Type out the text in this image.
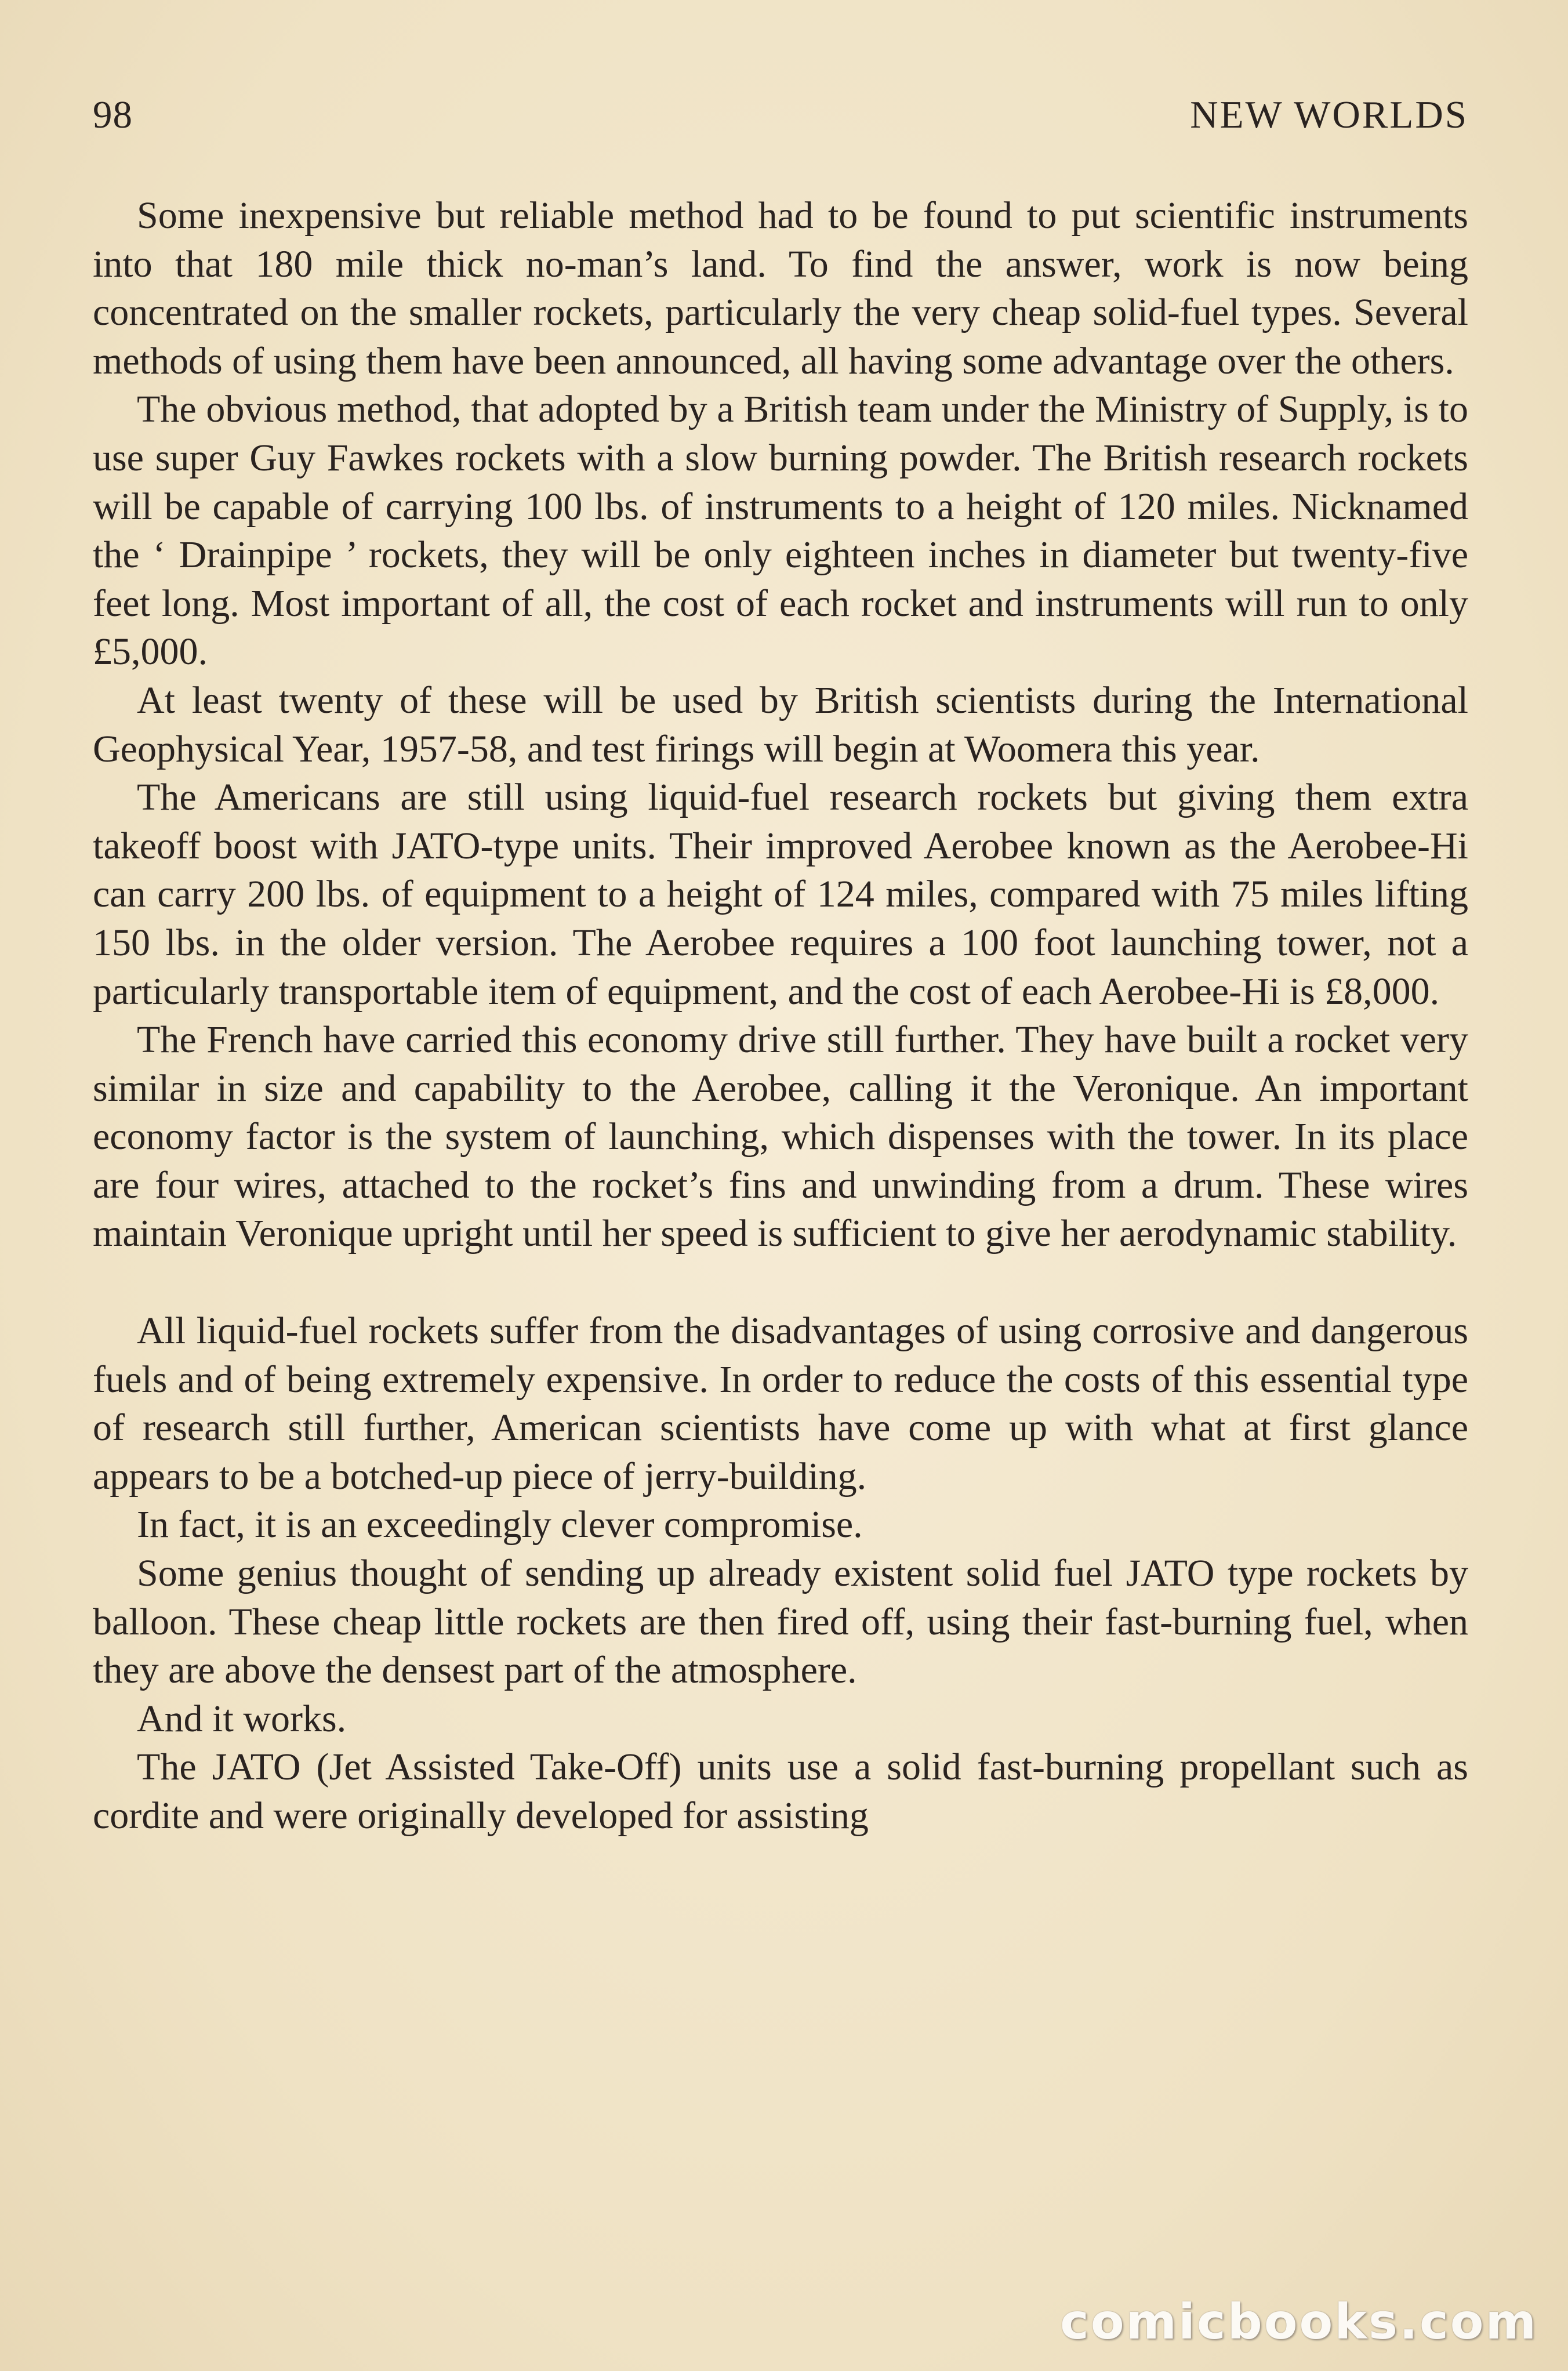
98	NEW WORLDS

Some inexpensive but reliable method had to be found to put scientific instruments into that 180 mile thick no-man’s land. To find the answer, work is now being concentrated on the smaller rockets, particularly the very cheap solid-fuel types. Several methods of using them have been announced, all having some advantage over the others.

The obvious method, that adopted by a British team under the Ministry of Supply, is to use super Guy Fawkes rockets with a slow burning powder. The British research rockets will be capable of carrying 100 lbs. of instruments to a height of 120 miles. Nicknamed the ‘ Drainpipe ’ rockets, they will be only eighteen inches in diameter but twenty-five feet long. Most important of all, the cost of each rocket and instruments will run to only £5,000.

At least twenty of these will be used by British scientists during the International Geophysical Year, 1957-58, and test firings will begin at Woomera this year.

The Americans are still using liquid-fuel research rockets but giving them extra takeoff boost with JATO-type units. Their improved Aerobee known as the Aerobee-Hi can carry 200 lbs. of equipment to a height of 124 miles, compared with 75 miles lifting 150 lbs. in the older version. The Aerobee requires a 100 foot launching tower, not a particularly transportable item of equipment, and the cost of each Aerobee-Hi is £8,000.

The French have carried this economy drive still further. They have built a rocket very similar in size and capability to the Aerobee, calling it the Veronique. An important economy factor is the system of launching, which dispenses with the tower. In its place are four wires, attached to the rocket’s fins and unwinding from a drum. These wires maintain Veronique upright until her speed is sufficient to give her aerodynamic stability.

All liquid-fuel rockets suffer from the disadvantages of using corrosive and dangerous fuels and of being extremely expensive. In order to reduce the costs of this essential type of research still further, American scientists have come up with what at first glance appears to be a botched-up piece of jerry-building.

In fact, it is an exceedingly clever compromise.

Some genius thought of sending up already existent solid fuel JATO type rockets by balloon. These cheap little rockets are then fired off, using their fast-burning fuel, when they are above the densest part of the atmosphere.

And it works.

The JATO (Jet Assisted Take-Off) units use a solid fast-burning propellant such as cordite and were originally developed for assisting

comicbooks.com
